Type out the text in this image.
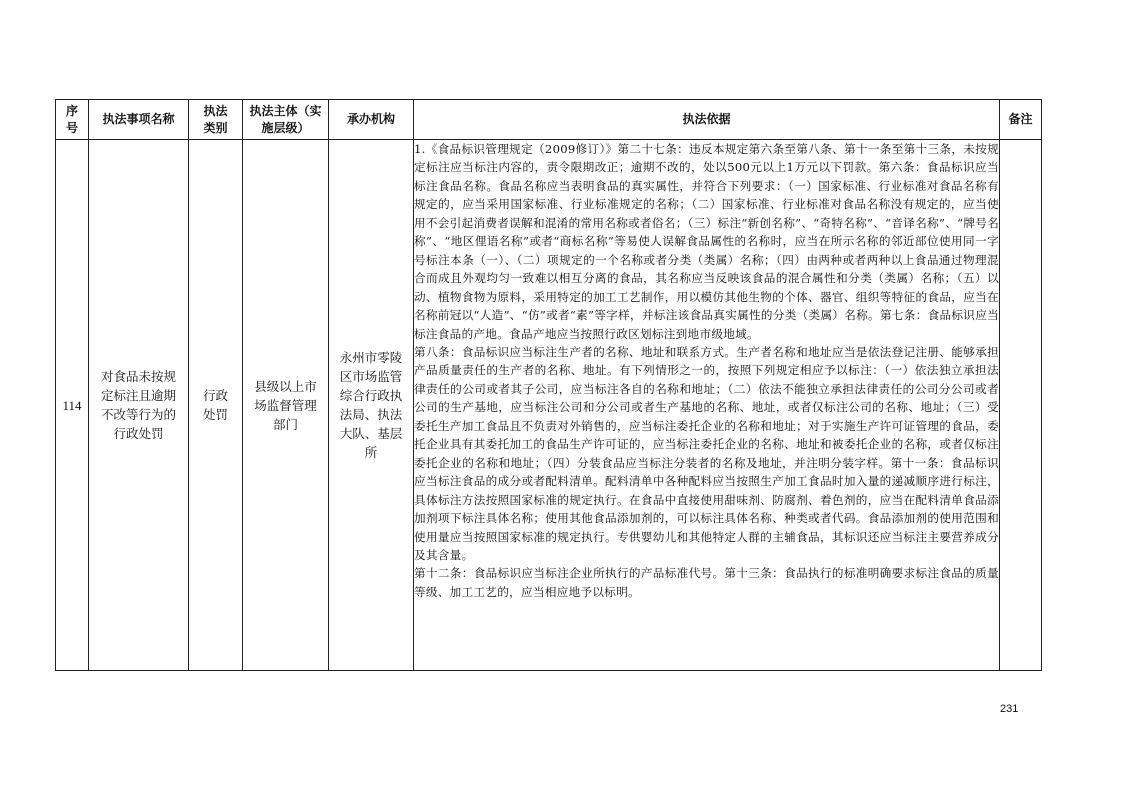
序号	执法事项名称	执法类别	执法主体（实施层级）	承办机构	执法依据	备注
114	对食品未按规定标注且逾期不改等行为的行政处罚	行政处罚	县级以上市场监督管理部门	永州市零陵区市场监管综合行政执法局、执法大队、基层所	1.《食品标识管理规定（2009修订）》第二十七条：违反本规定第六条至第八条、第十一条至第十三条，未按规定标注应当标注内容的，责令限期改正；逾期不改的，处以500元以上1万元以下罚款。第六条：食品标识应当标注食品名称。食品名称应当表明食品的真实属性，并符合下列要求：（一）国家标准、行业标准对食品名称有规定的，应当采用国家标准、行业标准规定的名称；（二）国家标准、行业标准对食品名称没有规定的，应当使用不会引起消费者误解和混淆的常用名称或者俗名；（三）标注“新创名称”、“奇特名称”、“音译名称”、“牌号名称”、“地区俚语名称”或者“商标名称”等易使人误解食品属性的名称时，应当在所示名称的邻近部位使用同一字号标注本条（一）、（二）项规定的一个名称或者分类（类属）名称；（四）由两种或者两种以上食品通过物理混合而成且外观均匀一致难以相互分离的食品，其名称应当反映该食品的混合属性和分类（类属）名称；（五）以动、植物食物为原料，采用特定的加工工艺制作，用以模仿其他生物的个体、器官、组织等特征的食品，应当在名称前冠以“人造”、“仿”或者“素”等字样，并标注该食品真实属性的分类（类属）名称。第七条：食品标识应当标注食品的产地。食品产地应当按照行政区划标注到地市级地域。

第八条：食品标识应当标注生产者的名称、地址和联系方式。生产者名称和地址应当是依法登记注册、能够承担产品质量责任的生产者的名称、地址。有下列情形之一的，按照下列规定相应予以标注：（一）依法独立承担法律责任的公司或者其子公司，应当标注各自的名称和地址；（二）依法不能独立承担法律责任的公司分公司或者公司的生产基地，应当标注公司和分公司或者生产基地的名称、地址，或者仅标注公司的名称、地址；（三）受委托生产加工食品且不负责对外销售的，应当标注委托企业的名称和地址；对于实施生产许可证管理的食品，委托企业具有其委托加工的食品生产许可证的，应当标注委托企业的名称、地址和被委托企业的名称，或者仅标注委托企业的名称和地址；（四）分装食品应当标注分装者的名称及地址，并注明分装字样。第十一条：食品标识应当标注食品的成分或者配料清单。配料清单中各种配料应当按照生产加工食品时加入量的递减顺序进行标注，具体标注方法按照国家标准的规定执行。在食品中直接使用甜味剂、防腐剂、着色剂的，应当在配料清单食品添加剂项下标注具体名称；使用其他食品添加剂的，可以标注具体名称、种类或者代码。食品添加剂的使用范围和使用量应当按照国家标准的规定执行。专供婴幼儿和其他特定人群的主辅食品，其标识还应当标注主要营养成分及其含量。

第十二条：食品标识应当标注企业所执行的产品标准代号。第十三条：食品执行的标准明确要求标注食品的质量等级、加工工艺的，应当相应地予以标明。	

231
